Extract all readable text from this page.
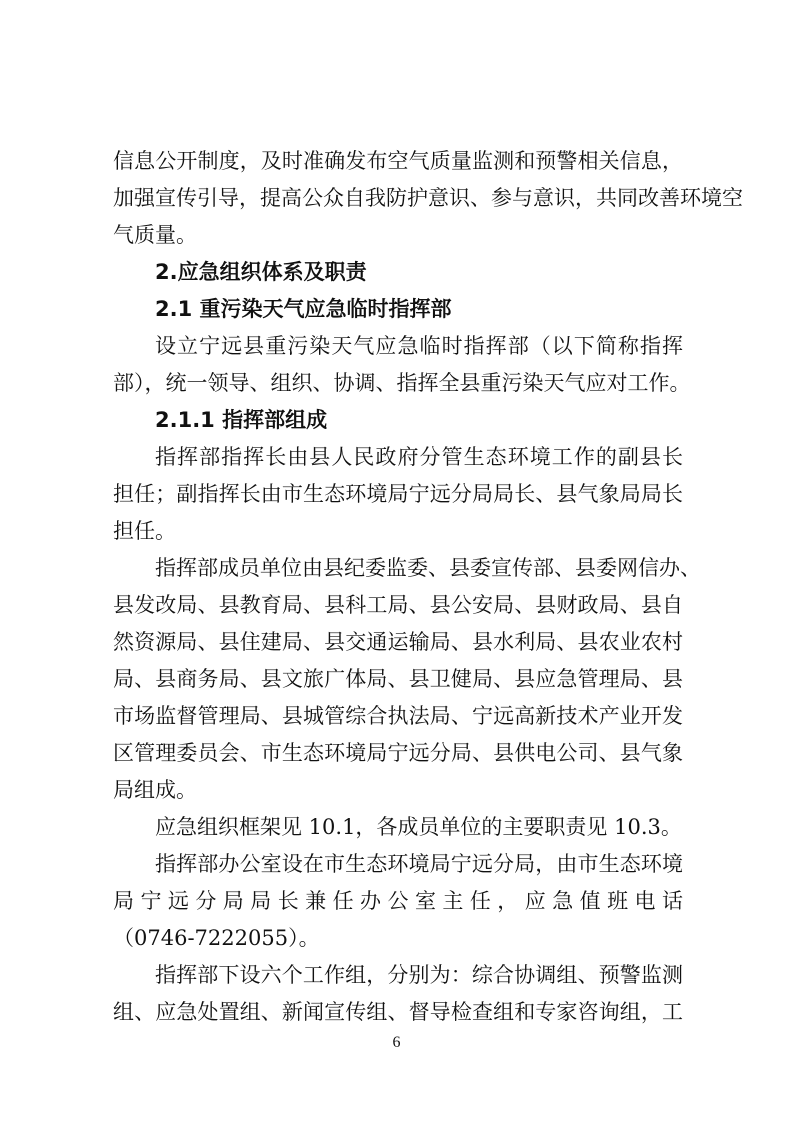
信息公开制度，及时准确发布空气质量监测和预警相关信息，
加强宣传引导，提高公众自我防护意识、参与意识，共同改善环境空
气质量。
2.应急组织体系及职责
2.1 重污染天气应急临时指挥部
设立宁远县重污染天气应急临时指挥部（以下简称指挥
部），统一领导、组织、协调、指挥全县重污染天气应对工作。
2.1.1 指挥部组成
指挥部指挥长由县人民政府分管生态环境工作的副县长
担任；副指挥长由市生态环境局宁远分局局长、县气象局局长
担任。
指挥部成员单位由县纪委监委、县委宣传部、县委网信办、
县发改局、县教育局、县科工局、县公安局、县财政局、县自
然资源局、县住建局、县交通运输局、县水利局、县农业农村
局、县商务局、县文旅广体局、县卫健局、县应急管理局、县
市场监督管理局、县城管综合执法局、宁远高新技术产业开发
区管理委员会、市生态环境局宁远分局、县供电公司、县气象
局组成。
应急组织框架见 10.1，各成员单位的主要职责见 10.3。
指挥部办公室设在市生态环境局宁远分局，由市生态环境
局宁远分局局长兼任办公室主任，应急值班电话
（0746-7222055）。
指挥部下设六个工作组，分别为：综合协调组、预警监测
组、应急处置组、新闻宣传组、督导检查组和专家咨询组，工
6
